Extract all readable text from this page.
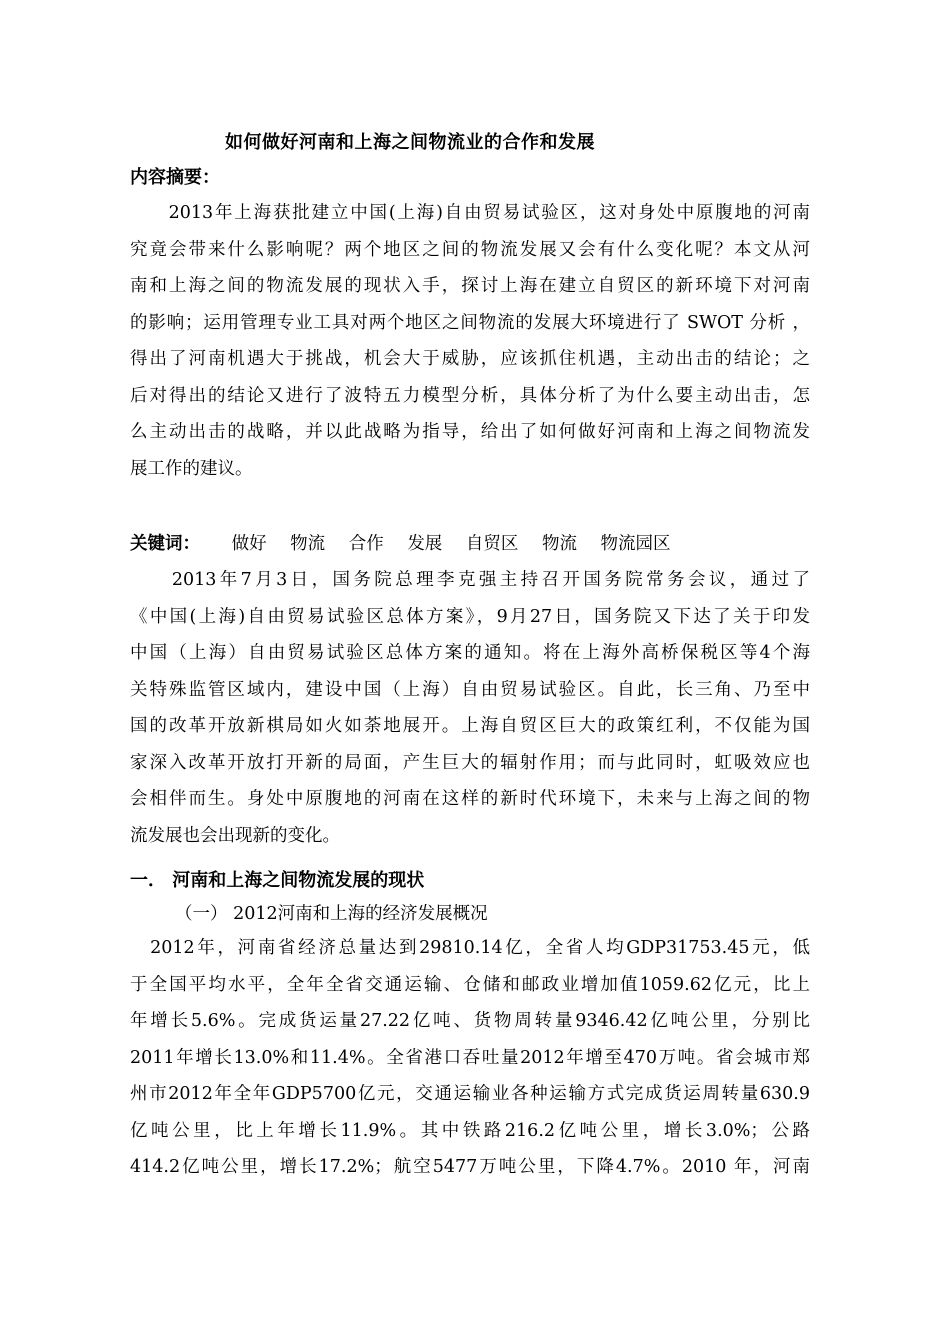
如何做好河南和上海之间物流业的合作和发展
内容摘要：
　　2013年上海获批建立中国(上海)自由贸易试验区，这对身处中原腹地的河南
究竟会带来什么影响呢？两个地区之间的物流发展又会有什么变化呢？本文从河
南和上海之间的物流发展的现状入手，探讨上海在建立自贸区的新环境下对河南
的影响；运用管理专业工具对两个地区之间物流的发展大环境进行了 SWOT 分析 ，
得出了河南机遇大于挑战，机会大于威胁，应该抓住机遇，主动出击的结论；之
后对得出的结论又进行了波特五力模型分析，具体分析了为什么要主动出击，怎
么主动出击的战略，并以此战略为指导，给出了如何做好河南和上海之间物流发
展工作的建议。
关键词： 做好 物流 合作 发展 自贸区 物流 物流园区
　　2013年7月3日，国务院总理李克强主持召开国务院常务会议，通过了
《中国(上海)自由贸易试验区总体方案》，9月27日，国务院又下达了关于印发
中国（上海）自由贸易试验区总体方案的通知。将在上海外高桥保税区等4个海
关特殊监管区域内，建设中国（上海）自由贸易试验区。自此，长三角、乃至中
国的改革开放新棋局如火如荼地展开。上海自贸区巨大的政策红利，不仅能为国
家深入改革开放打开新的局面，产生巨大的辐射作用；而与此同时，虹吸效应也
会相伴而生。身处中原腹地的河南在这样的新时代环境下，未来与上海之间的物
流发展也会出现新的变化。
一． 河南和上海之间物流发展的现状
（一） 2012河南和上海的经济发展概况
　2012年，河南省经济总量达到29810.14亿，全省人均GDP31753.45元，低
于全国平均水平，全年全省交通运输、仓储和邮政业增加值1059.62亿元，比上
年增长5.6%。完成货运量27.22亿吨、货物周转量9346.42亿吨公里，分别比
2011年增长13.0%和11.4%。全省港口吞吐量2012年增至470万吨。省会城市郑
州市2012年全年GDP5700亿元，交通运输业各种运输方式完成货运周转量630.9
亿吨公里，比上年增长11.9%。其中铁路216.2亿吨公里，增长3.0%；公路
414.2亿吨公里，增长17.2%；航空5477万吨公里，下降4.7%。2010 年，河南
